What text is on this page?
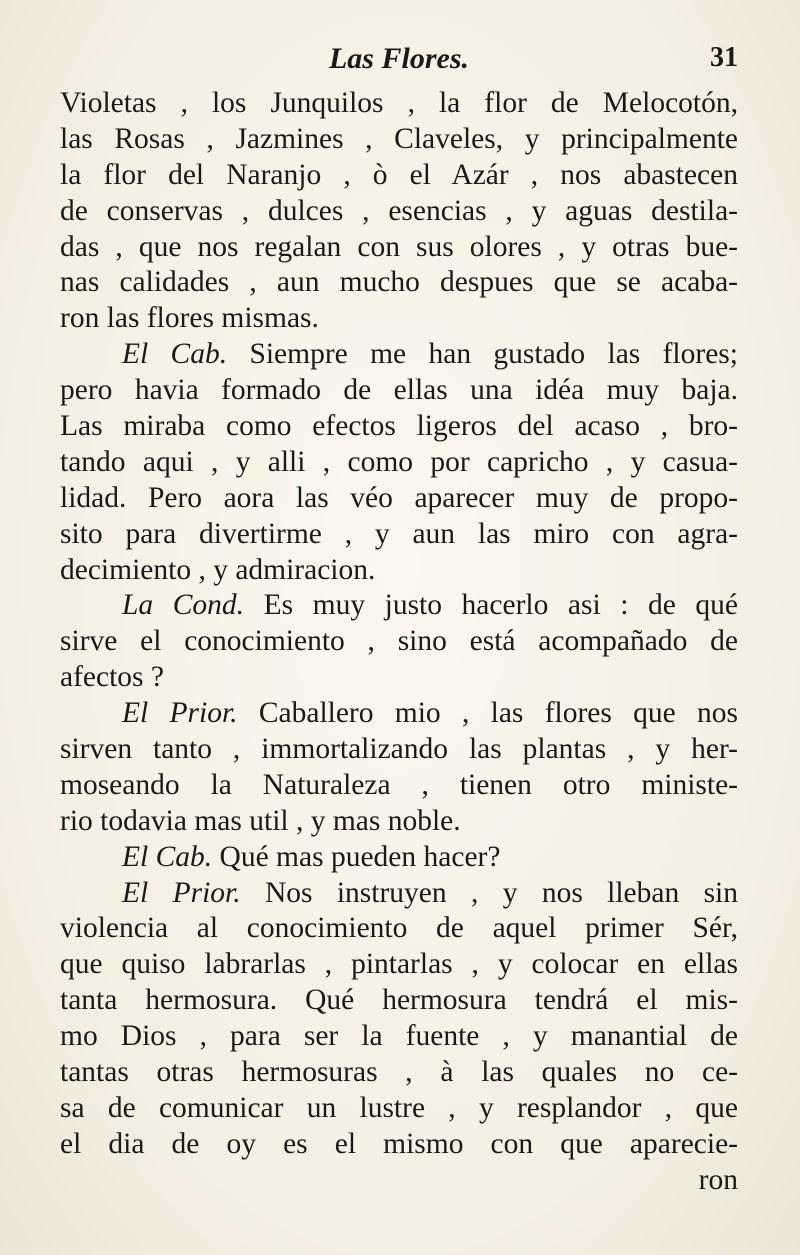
Las Flores.	31
Violetas , los Junquilos , la flor de Melocotón,
las Rosas , Jazmines , Claveles, y principalmente
la flor del Naranjo , ò el Azár , nos abastecen
de conservas , dulces , esencias , y aguas destila-
das , que nos regalan con sus olores , y otras bue-
nas calidades , aun mucho despues que se acaba-
ron las flores mismas.
El Cab. Siempre me han gustado las flores;
pero havia formado de ellas una idéa muy baja.
Las miraba como efectos ligeros del acaso , bro-
tando aqui , y alli , como por capricho , y casua-
lidad. Pero aora las véo aparecer muy de propo-
sito para divertirme , y aun las miro con agra-
decimiento , y admiracion.
La Cond. Es muy justo hacerlo asi : de qué
sirve el conocimiento , sino está acompañado de
afectos ?
El Prior. Caballero mio , las flores que nos
sirven tanto , immortalizando las plantas , y her-
moseando la Naturaleza , tienen otro ministe-
rio todavia mas util , y mas noble.
El Cab. Qué mas pueden hacer?
El Prior. Nos instruyen , y nos lleban sin
violencia al conocimiento de aquel primer Sér,
que quiso labrarlas , pintarlas , y colocar en ellas
tanta hermosura. Qué hermosura tendrá el mis-
mo Dios , para ser la fuente , y manantial de
tantas otras hermosuras , à las quales no ce-
sa de comunicar un lustre , y resplandor , que
el dia de oy es el mismo con que aparecie-
ron
